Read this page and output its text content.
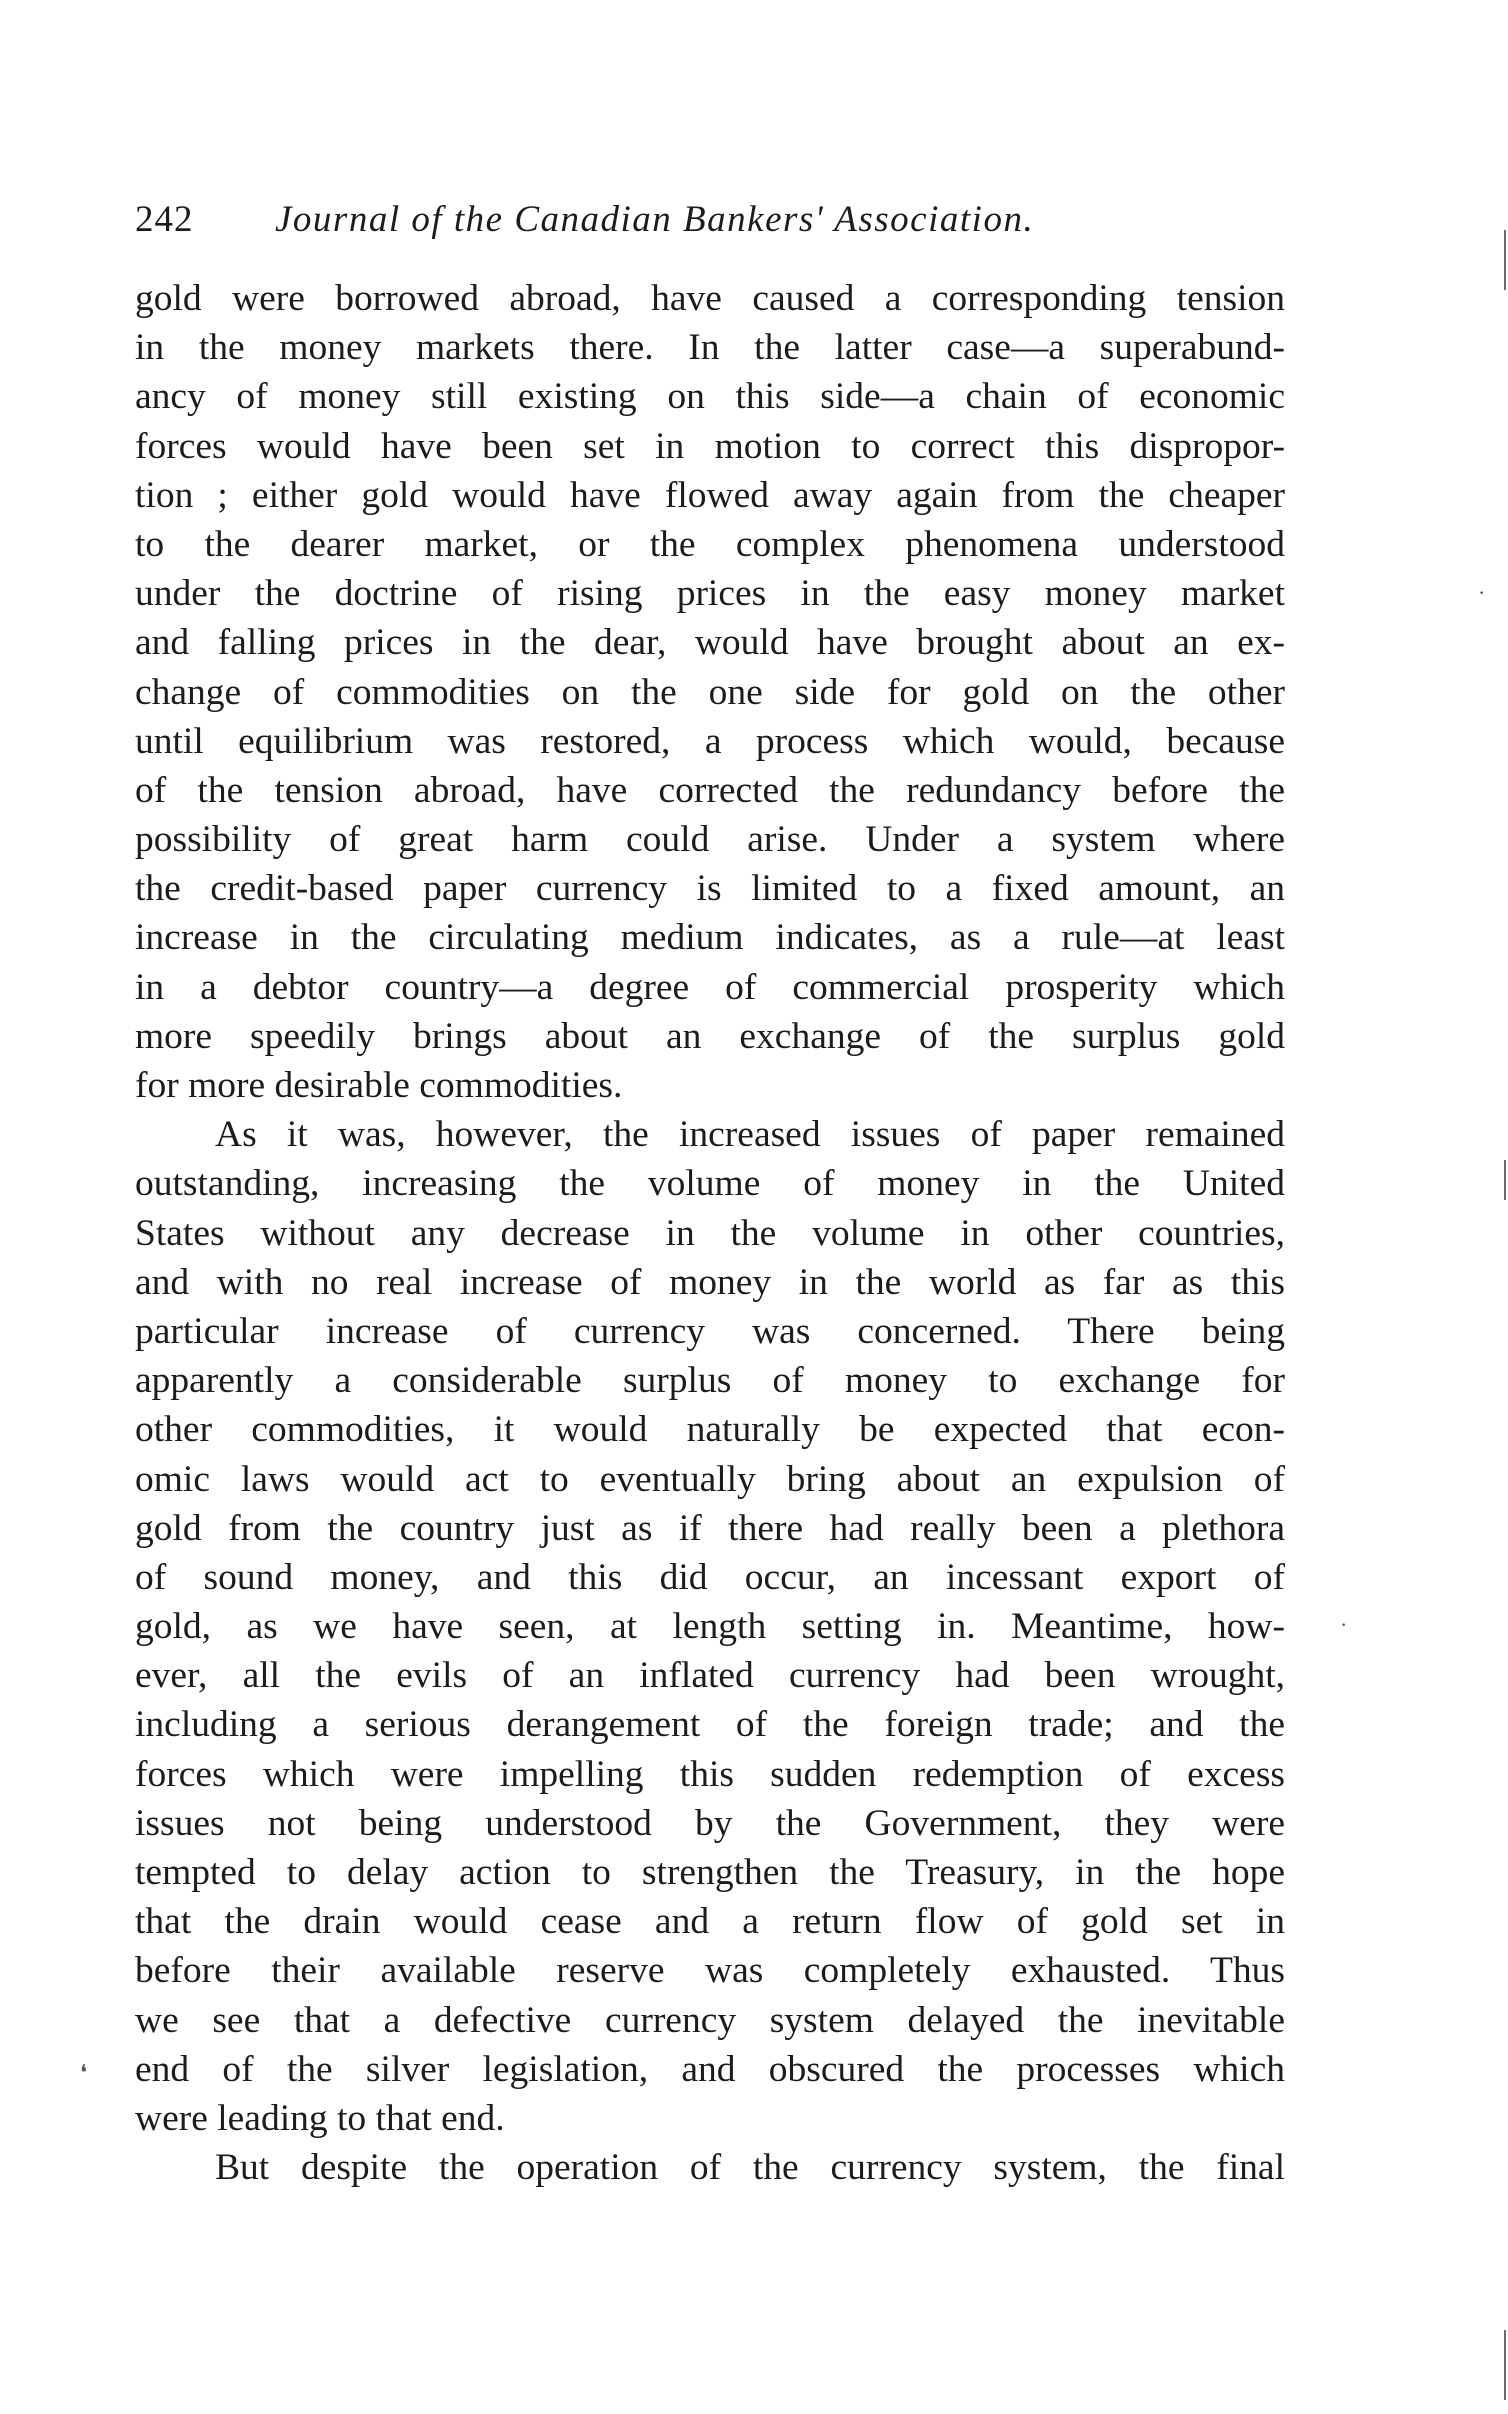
242 Journal of the Canadian Bankers' Association.
gold were borrowed abroad, have caused a corresponding tension
in the money markets there. In the latter case—a superabund-
ancy of money still existing on this side—a chain of economic
forces would have been set in motion to correct this dispropor-
tion ; either gold would have flowed away again from the cheaper
to the dearer market, or the complex phenomena understood
under the doctrine of rising prices in the easy money market
and falling prices in the dear, would have brought about an ex-
change of commodities on the one side for gold on the other
until equilibrium was restored, a process which would, because
of the tension abroad, have corrected the redundancy before the
possibility of great harm could arise. Under a system where
the credit-based paper currency is limited to a fixed amount, an
increase in the circulating medium indicates, as a rule—at least
in a debtor country—a degree of commercial prosperity which
more speedily brings about an exchange of the surplus gold
for more desirable commodities.
As it was, however, the increased issues of paper remained
outstanding, increasing the volume of money in the United
States without any decrease in the volume in other countries,
and with no real increase of money in the world as far as this
particular increase of currency was concerned. There being
apparently a considerable surplus of money to exchange for
other commodities, it would naturally be expected that econ-
omic laws would act to eventually bring about an expulsion of
gold from the country just as if there had really been a plethora
of sound money, and this did occur, an incessant export of
gold, as we have seen, at length setting in. Meantime, how-
ever, all the evils of an inflated currency had been wrought,
including a serious derangement of the foreign trade; and the
forces which were impelling this sudden redemption of excess
issues not being understood by the Government, they were
tempted to delay action to strengthen the Treasury, in the hope
that the drain would cease and a return flow of gold set in
before their available reserve was completely exhausted. Thus
we see that a defective currency system delayed the inevitable
end of the silver legislation, and obscured the processes which
were leading to that end.
But despite the operation of the currency system, the final
❛
·
·
